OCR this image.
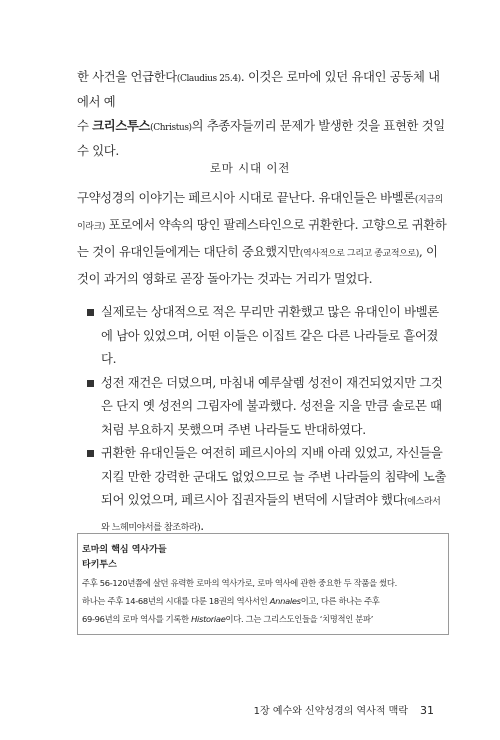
한 사건을 언급한다(Claudius 25.4). 이것은 로마에 있던 유대인 공동체 내에서 예
수 크리스투스(Christus)의 추종자들끼리 문제가 발생한 것을 표현한 것일 수 있다.
로마 시대 이전
구약성경의 이야기는 페르시아 시대로 끝난다. 유대인들은 바벨론(지금의 이라크) 포로에서 약속의 땅인 팔레스타인으로 귀환한다. 고향으로 귀환하는 것이 유대인들에게는 대단히 중요했지만(역사적으로 그리고 종교적으로), 이것이 과거의 영화로 곧장 돌아가는 것과는 거리가 멀었다.
실제로는 상대적으로 적은 무리만 귀환했고 많은 유대인이 바벨론에 남아 있었으며, 어떤 이들은 이집트 같은 다른 나라들로 흩어졌다.
성전 재건은 더뎠으며, 마침내 예루살렘 성전이 재건되었지만 그것은 단지 옛 성전의 그림자에 불과했다. 성전을 지을 만큼 솔로몬 때처럼 부요하지 못했으며 주변 나라들도 반대하였다.
귀환한 유대인들은 여전히 페르시아의 지배 아래 있었고, 자신들을 지킬 만한 강력한 군대도 없었으므로 늘 주변 나라들의 침략에 노출되어 있었으며, 페르시아 집권자들의 변덕에 시달려야 했다(에스라서와 느헤미야서를 참조하라).
로마의 핵심 역사가들
타키투스
주후 56-120년쯤에 살던 유력한 로마의 역사가로, 로마 역사에 관한 중요한 두 작품을 썼다.
하나는 주후 14-68년의 시대를 다룬 18권의 역사서인 Annales이고, 다른 하나는 주후
69-96년의 로마 역사를 기록한 Historiae이다. 그는 그리스도인들을 ‘치명적인 분파’
1장 예수와 신약성경의 역사적 맥락 31
